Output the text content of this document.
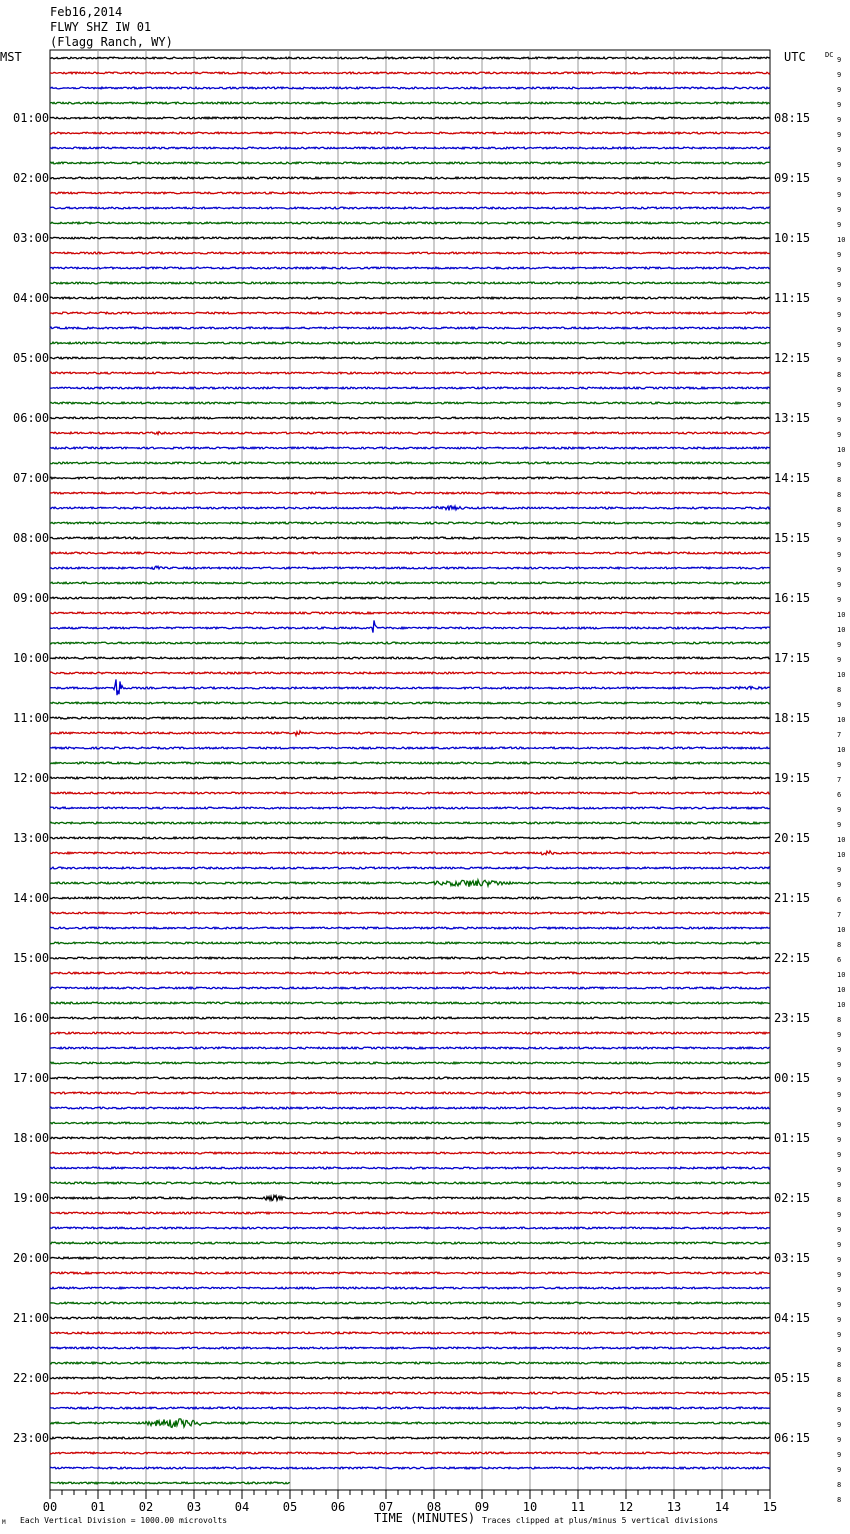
Feb16,2014
FLWY SHZ IW 01
(Flagg Ranch, WY)
MST	UTC	DC
01:00
02:00
03:00
04:00
05:00
06:00
07:00
08:00
09:00
10:00
11:00
12:00
13:00
14:00
15:00
16:00
17:00
18:00
19:00
20:00
21:00
22:00
23:00
08:15
09:15
10:15
11:15
12:15
13:15
14:15
15:15
16:15
17:15
18:15
19:15
20:15
21:15
22:15
23:15
00:15
01:15
02:15
03:15
04:15
05:15
06:15
9
9
9
9
9
9
9
9
9
9
9
9
10
9
9
9
9
9
9
9
9
8
9
9
9
9
10
9
8
8
8
9
9
9
9
9
9
10
10
9
9
10
8
9
10
7
10
9
7
6
9
9
10
10
9
9
6
7
10
8
6
10
10
10
8
9
9
9
9
9
9
9
9
9
9
9
8
9
9
9
9
9
9
9
9
9
9
8
8
8
9
9
9
9
9
8
8
00	01	02	03	04	05	06	07	08	09	10	11	12	13	14	15
M Each Vertical Division = 1000.00 microvolts	TIME (MINUTES) Traces clipped at plus/minus 5 vertical divisions
